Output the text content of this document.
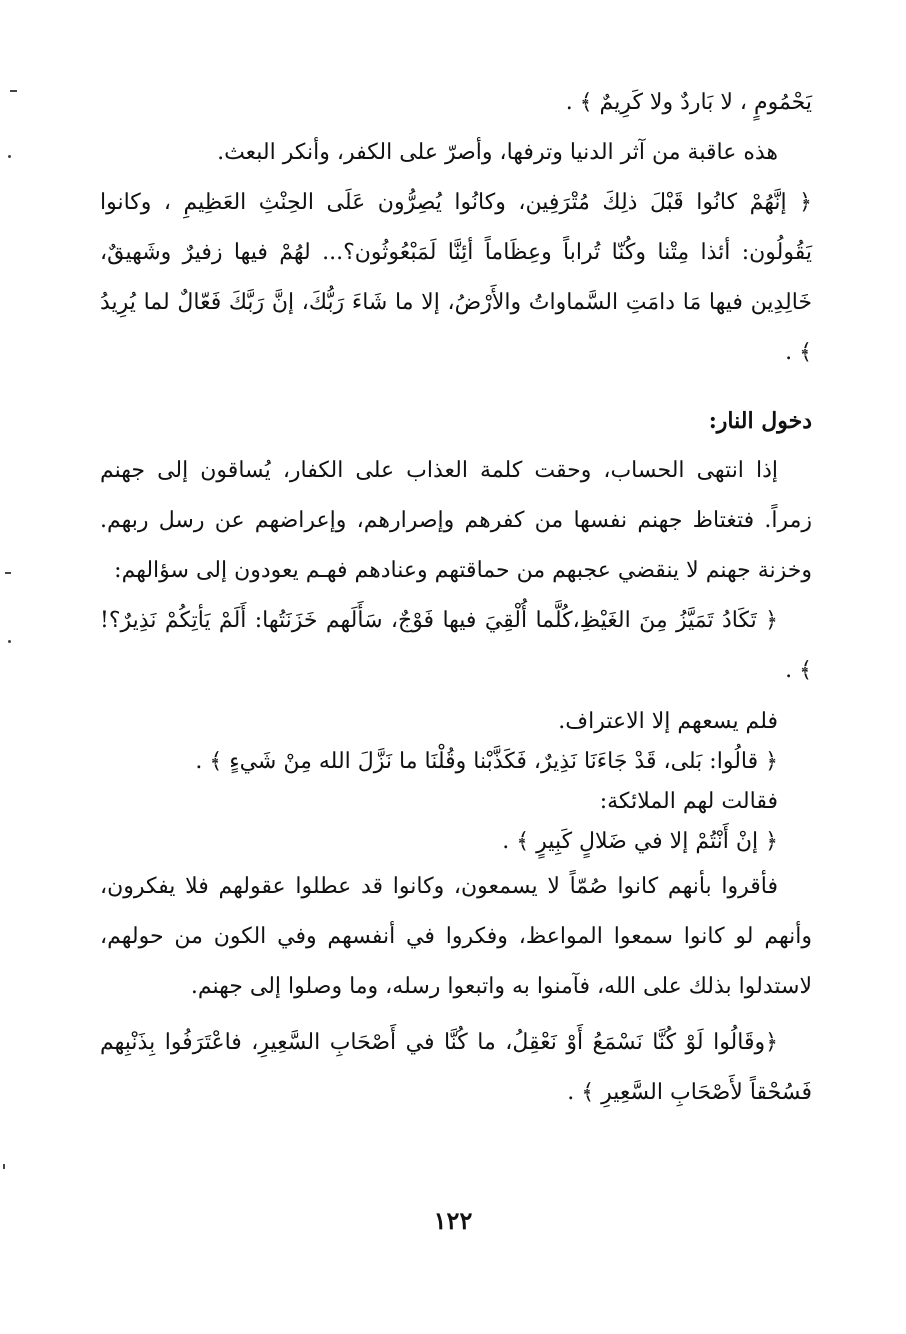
يَحْمُومٍ ، لا بَاردٌ ولا كَرِيمٌ ﴾ .

هذه عاقبة من آثر الدنيا وترفها، وأصرّ على الكفر، وأنكر البعث.

﴿ إنَّهُمْ كانُوا قَبْلَ ذلِكَ مُتْرَفِين، وكانُوا يُصِرُّون عَلَى الحِنْثِ العَظِيمِ ، وكانوا يَقُولُون: أئذا مِتْنا وكُنّا تُراباً وعِظَاماً أئِنَّا لَمَبْعُوثُون؟... لهُمْ فيها زفيرٌ وشَهيقٌ، خَالِدِين فيها مَا دامَتِ السَّماواتُ والأَرْضُ، إلا ما شَاءَ رَبُّكَ، إنَّ رَبَّكَ فَعّالٌ لما يُرِيدُ ﴾ .

دخول النار:

إذا انتهى الحساب، وحقت كلمة العذاب على الكفار، يُساقون إلى جهنم زمراً. فتغتاظ جهنم نفسها من كفرهم وإصرارهم، وإعراضهم عن رسل ربهم. وخزنة جهنم لا ينقضي عجبهم من حماقتهم وعنادهم فهـم يعودون إلى سؤالهم:

﴿ تَكَادُ تَمَيَّزُ مِنَ الغَيْظِ،كُلَّما أُلْقِيَ فيها فَوْجٌ، سَأَلَهم خَزَنَتُها: أَلَمْ يَأتِكُمْ نَذِيرٌ؟! ﴾ .

فلم يسعهم إلا الاعتراف.

﴿ قالُوا: بَلى، قَدْ جَاءَنَا نَذِيرٌ، فَكَذَّبْنا وقُلْنَا ما نَزَّلَ الله مِنْ شَيءٍ ﴾ .

فقالت لهم الملائكة:

﴿ إنْ أَنْتُمْ إلا في ضَلالٍ كَبِيرٍ ﴾ .

فأقروا بأنهم كانوا صُمّاً لا يسمعون، وكانوا قد عطلوا عقولهم فلا يفكرون، وأنهم لو كانوا سمعوا المواعظ، وفكروا في أنفسهم وفي الكون من حولهم، لاستدلوا بذلك على الله، فآمنوا به واتبعوا رسله، وما وصلوا إلى جهنم.

﴿وقَالُوا لَوْ كُنَّا نَسْمَعُ أَوْ نَعْقِلُ، ما كُنَّا في أَصْحَابِ السَّعِيرِ، فاعْتَرَفُوا بِذَنْبِهم فَسُحْقاً لأَصْحَابِ السَّعِيرِ ﴾ .

١٢٢
